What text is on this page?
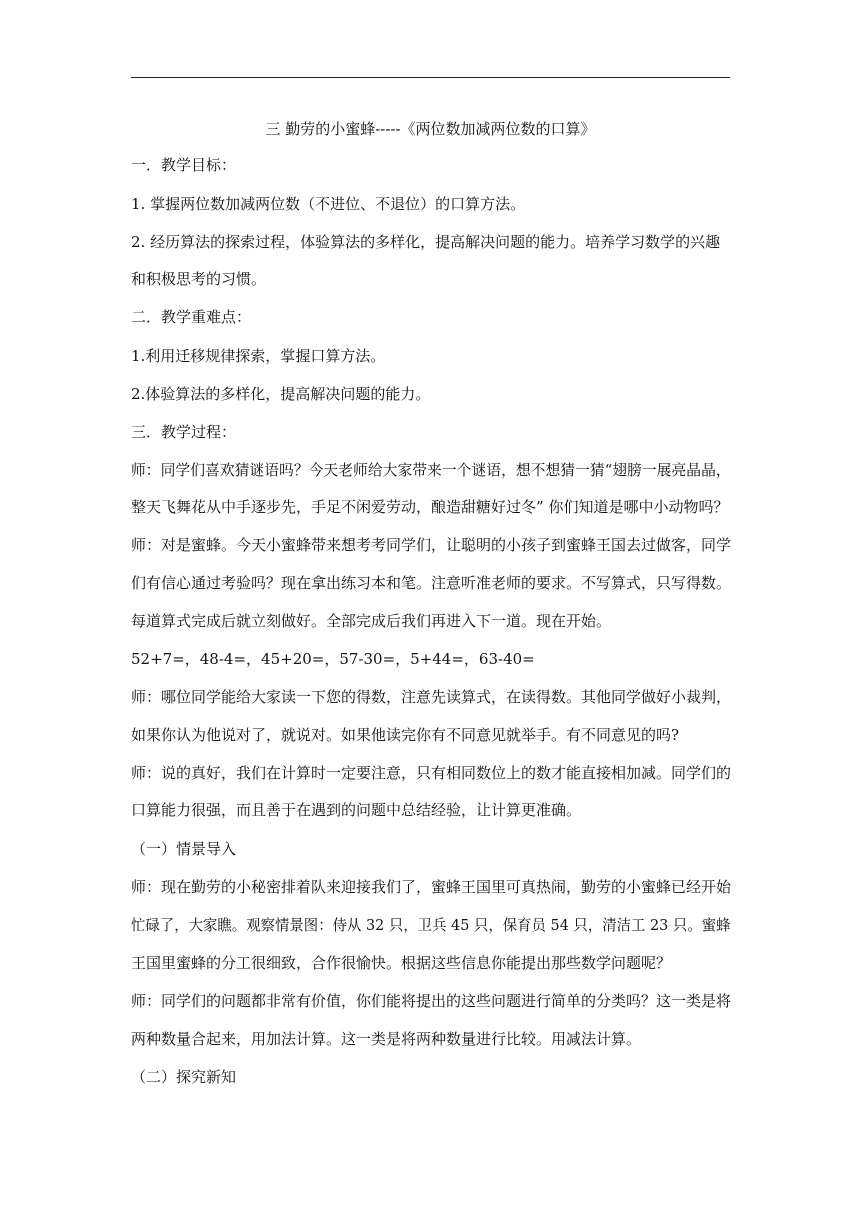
三 勤劳的小蜜蜂-----《两位数加减两位数的口算》
一．教学目标：
1. 掌握两位数加减两位数（不进位、不退位）的口算方法。
2. 经历算法的探索过程，体验算法的多样化，提高解决问题的能力。培养学习数学的兴趣
和积极思考的习惯。
二．教学重难点：
1.利用迁移规律探索，掌握口算方法。
2.体验算法的多样化，提高解决问题的能力。
三．教学过程：
师：同学们喜欢猜谜语吗？今天老师给大家带来一个谜语，想不想猜一猜“翅膀一展亮晶晶，
整天飞舞花从中手逐步先，手足不闲爱劳动，酿造甜糖好过冬” 你们知道是哪中小动物吗？
师：对是蜜蜂。今天小蜜蜂带来想考考同学们，让聪明的小孩子到蜜蜂王国去过做客，同学
们有信心通过考验吗？现在拿出练习本和笔。注意听准老师的要求。不写算式，只写得数。
每道算式完成后就立刻做好。全部完成后我们再进入下一道。现在开始。
52+7=，48-4=，45+20=，57-30=，5+44=，63-40=
师：哪位同学能给大家读一下您的得数，注意先读算式，在读得数。其他同学做好小裁判，
如果你认为他说对了，就说对。如果他读完你有不同意见就举手。有不同意见的吗?
师：说的真好，我们在计算时一定要注意，只有相同数位上的数才能直接相加减。同学们的
口算能力很强，而且善于在遇到的问题中总结经验，让计算更准确。
（一）情景导入
师：现在勤劳的小秘密排着队来迎接我们了，蜜蜂王国里可真热闹，勤劳的小蜜蜂已经开始
忙碌了，大家瞧。观察情景图：侍从 32 只，卫兵 45 只，保育员 54 只，清洁工 23 只。蜜蜂
王国里蜜蜂的分工很细致，合作很愉快。根据这些信息你能提出那些数学问题呢？
师：同学们的问题都非常有价值，你们能将提出的这些问题进行简单的分类吗？这一类是将
两种数量合起来，用加法计算。这一类是将两种数量进行比较。用减法计算。
（二）探究新知
